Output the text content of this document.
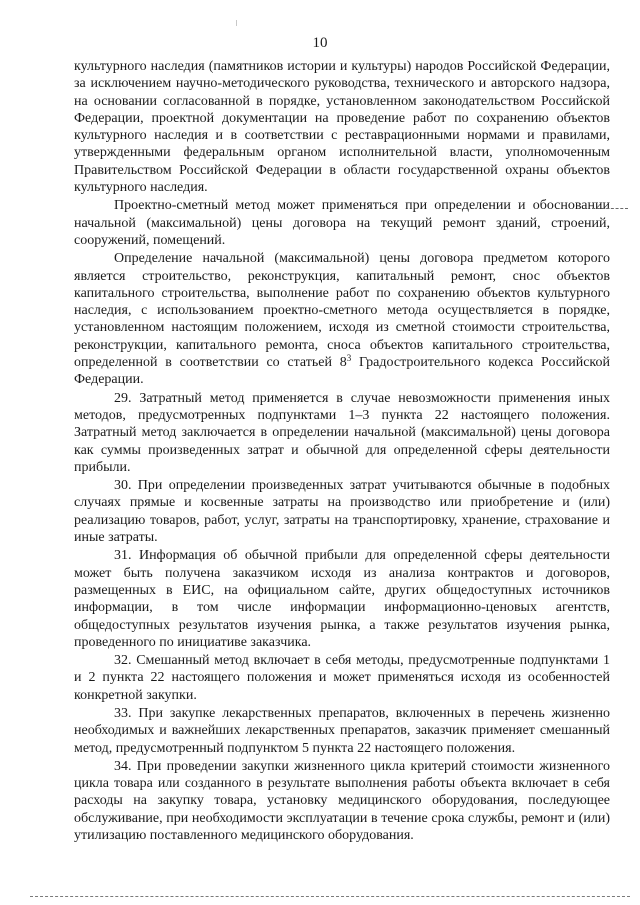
10

культурного наследия (памятников истории и культуры) народов Российской Федерации, за исключением научно-методического руководства, технического и авторского надзора, на основании согласованной в порядке, установленном законодательством Российской Федерации, проектной документации на проведение работ по сохранению объектов культурного наследия и в соответствии с реставрационными нормами и правилами, утвержденными федеральным органом исполнительной власти, уполномоченным Правительством Российской Федерации в области государственной охраны объектов культурного наследия.

Проектно-сметный метод может применяться при определении и обосновании начальной (максимальной) цены договора на текущий ремонт зданий, строений, сооружений, помещений.

Определение начальной (максимальной) цены договора предметом которого является строительство, реконструкция, капитальный ремонт, снос объектов капитального строительства, выполнение работ по сохранению объектов культурного наследия, с использованием проектно-сметного метода осуществляется в порядке, установленном настоящим положением, исходя из сметной стоимости строительства, реконструкции, капитального ремонта, сноса объектов капитального строительства, определенной в соответствии со статьей $8^3$ Градостроительного кодекса Российской Федерации.

29. Затратный метод применяется в случае невозможности применения иных методов, предусмотренных подпунктами 1–3 пункта 22 настоящего положения. Затратный метод заключается в определении начальной (максимальной) цены договора как суммы произведенных затрат и обычной для определенной сферы деятельности прибыли.

30. При определении произведенных затрат учитываются обычные в подобных случаях прямые и косвенные затраты на производство или приобретение и (или) реализацию товаров, работ, услуг, затраты на транспортировку, хранение, страхование и иные затраты.

31. Информация об обычной прибыли для определенной сферы деятельности может быть получена заказчиком исходя из анализа контрактов и договоров, размещенных в ЕИС, на официальном сайте, других общедоступных источников информации, в том числе информации информационно-ценовых агентств, общедоступных результатов изучения рынка, а также результатов изучения рынка, проведенного по инициативе заказчика.

32. Смешанный метод включает в себя методы, предусмотренные подпунктами 1 и 2 пункта 22 настоящего положения и может применяться исходя из особенностей конкретной закупки.

33. При закупке лекарственных препаратов, включенных в перечень жизненно необходимых и важнейших лекарственных препаратов, заказчик применяет смешанный метод, предусмотренный подпунктом 5 пункта 22 настоящего положения.

34. При проведении закупки жизненного цикла критерий стоимости жизненного цикла товара или созданного в результате выполнения работы объекта включает в себя расходы на закупку товара, установку медицинского оборудования, последующее обслуживание, при необходимости эксплуатации в течение срока службы, ремонт и (или) утилизацию поставленного медицинского оборудования.
